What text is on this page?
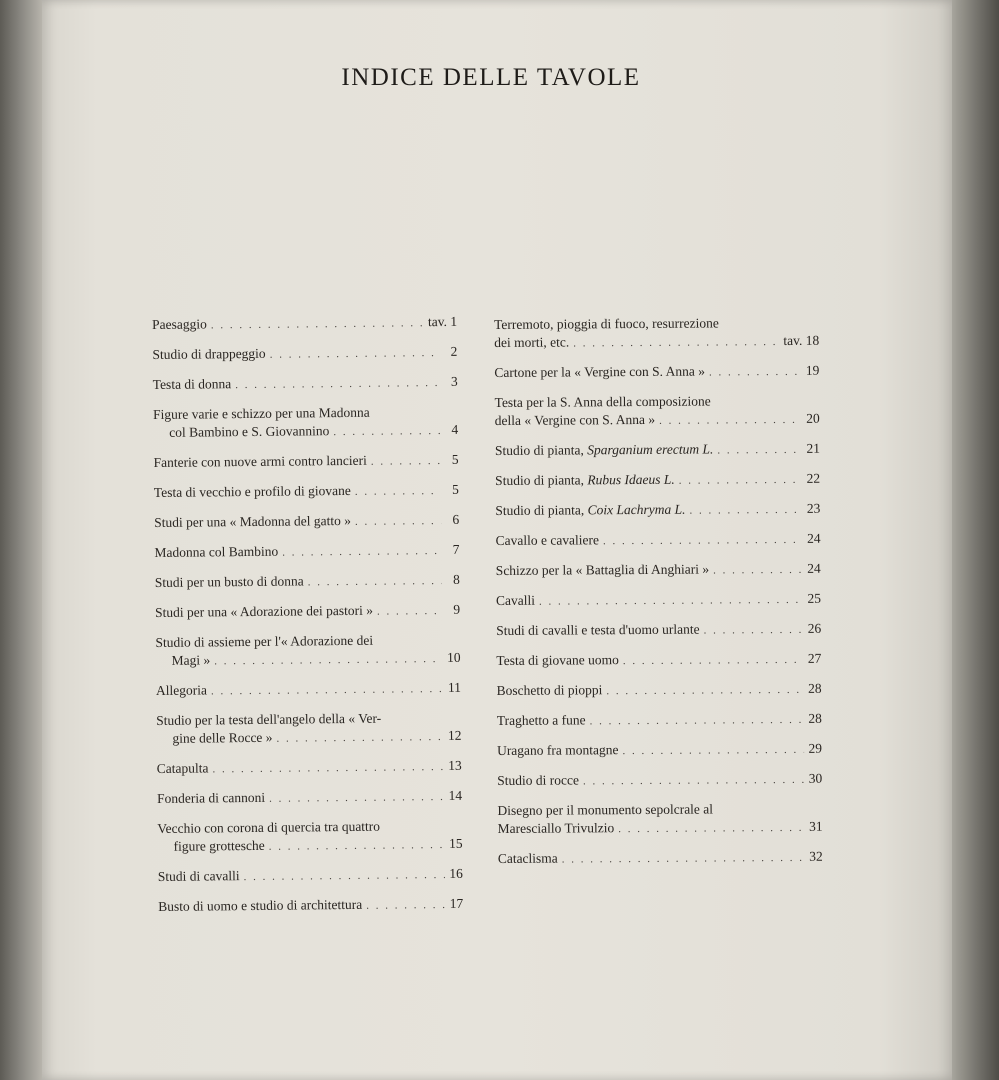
INDICE DELLE TAVOLE
Paesaggio . . .	tav. 1
Studio di drappeggio . . .	2
Testa di donna . . .	3
Figure varie e schizzo per una Madonna
col Bambino e S. Giovannino . . .	4
Fanterie con nuove armi contro lancieri . . .	5
Testa di vecchio e profilo di giovane . . .	5
Studi per una « Madonna del gatto » . . .	6
Madonna col Bambino . . .	7
Studi per un busto di donna . . .	8
Studi per una « Adorazione dei pastori » . . .	9
Studio di assieme per l'« Adorazione dei
Magi » . . .	10
Allegoria . . .	11
Studio per la testa dell'angelo della « Ver-
gine delle Rocce » . . .	12
Catapulta . . .	13
Fonderia di cannoni . . .	14
Vecchio con corona di quercia tra quattro
figure grottesche . . .	15
Studi di cavalli . . .	16
Busto di uomo e studio di architettura . . .	17
Terremoto, pioggia di fuoco, resurrezione
dei morti, etc. . . .	tav. 18
Cartone per la « Vergine con S. Anna » . . .	19
Testa per la S. Anna della composizione
della « Vergine con S. Anna » . . .	20
Studio di pianta, Sparganium erectum L. . . .	21
Studio di pianta, Rubus Idaeus L. . . .	22
Studio di pianta, Coix Lachryma L. . . .	23
Cavallo e cavaliere . . .	24
Schizzo per la « Battaglia di Anghiari » . . .	24
Cavalli . . .	25
Studi di cavalli e testa d'uomo urlante . . .	26
Testa di giovane uomo . . .	27
Boschetto di pioppi . . .	28
Traghetto a fune . . .	28
Uragano fra montagne . . .	29
Studio di rocce . . .	30
Disegno per il monumento sepolcrale al
Maresciallo Trivulzio . . .	31
Cataclisma . . .	32
